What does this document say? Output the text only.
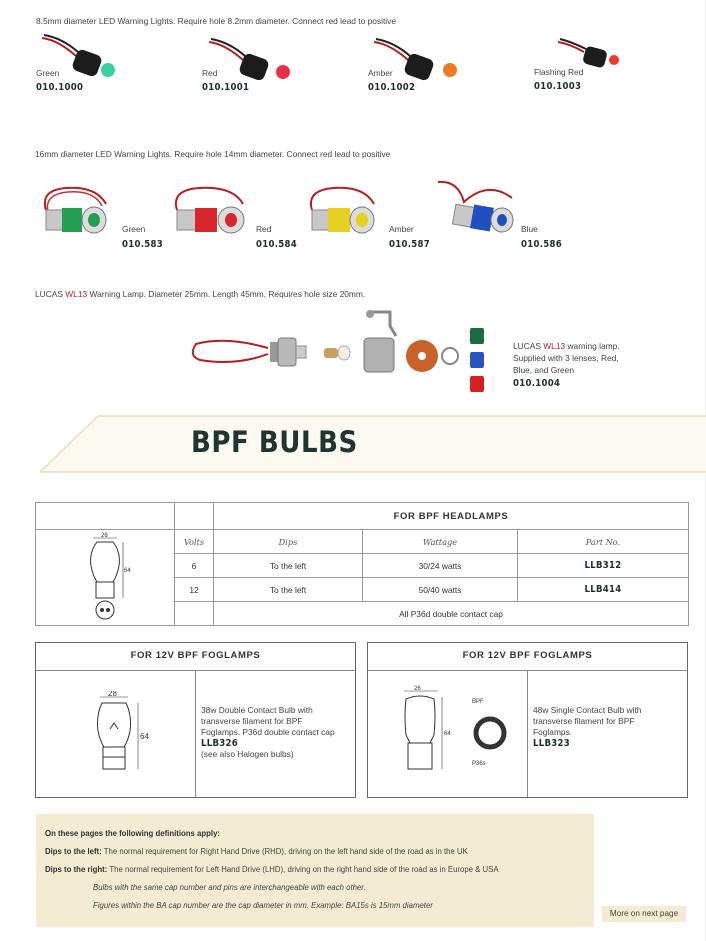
8.5mm diameter LED Warning Lights. Require hole 8.2mm diameter. Connect red lead to positive
Green
010.1000
Red
010.1001
Amber
010.1002
Flashing Red
010.1003
16mm diameter LED Warning Lights. Require hole 14mm diameter. Connect red lead to positive
Green
010.583
Red
010.584
Amber
010.587
Blue
010.586
LUCAS WL13 Warning Lamp. Diameter 25mm. Length 45mm, Requires hole size 20mm.
LUCAS WL13 warning lamp.
Supplied with 3 lenses, Red,
Blue, and Green
010.1004
BPF BULBS
		FOR BPF HEADLAMPS		

26
64	Volts	Dips	Wattage	Part No.
	6	To the left	30/24 watts	LLB312
	12	To the left	50/40 watts	LLB414
		All P36d double contact cap		
FOR 12V BPF FOGLAMPS
28
64
38w Double Contact Bulb with
transverse filament for BPF
Foglamps. P36d double contact cap
LLB326
(see also Halogen bulbs)
FOR 12V BPF FOGLAMPS
26
64
BPF
P36s
48w Single Contact Bulb with
transverse filament for BPF
Foglamps.
LLB323

On these pages the following definitions apply:

Dips to the left: The normal requirement for Right Hand Drive (RHD), driving on the left hand side of the road as in the UK

Dips to the right: The normal requirement for Left Hand Drive (LHD), driving on the right hand side of the road as in Europe & USA

Bulbs with the same cap number and pins are interchangeable with each other.

Figures within the BA cap number are the cap diameter in mm. Example: BA15s is 15mm diameter

More on next page
